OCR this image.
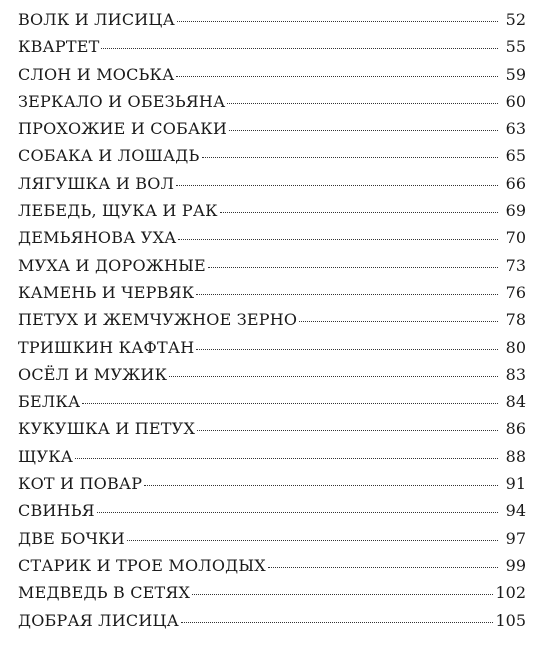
ВОЛК И ЛИСИЦА	52
КВАРТЕТ	55
СЛОН И МОСЬКА	59
ЗЕРКАЛО И ОБЕЗЬЯНА	60
ПРОХОЖИЕ И СОБАКИ	63
СОБАКА И ЛОШАДЬ	65
ЛЯГУШКА И ВОЛ	66
ЛЕБЕДЬ, ЩУКА И РАК	69
ДЕМЬЯНОВА УХА	70
МУХА И ДОРОЖНЫЕ	73
КАМЕНЬ И ЧЕРВЯК	76
ПЕТУХ И ЖЕМЧУЖНОЕ ЗЕРНО	78
ТРИШКИН КАФТАН	80
ОСЁЛ И МУЖИК	83
БЕЛКА	84
КУКУШКА И ПЕТУХ	86
ЩУКА	88
КОТ И ПОВАР	91
СВИНЬЯ	94
ДВЕ БОЧКИ	97
СТАРИК И ТРОЕ МОЛОДЫХ	99
МЕДВЕДЬ В СЕТЯХ	102
ДОБРАЯ ЛИСИЦА	105
